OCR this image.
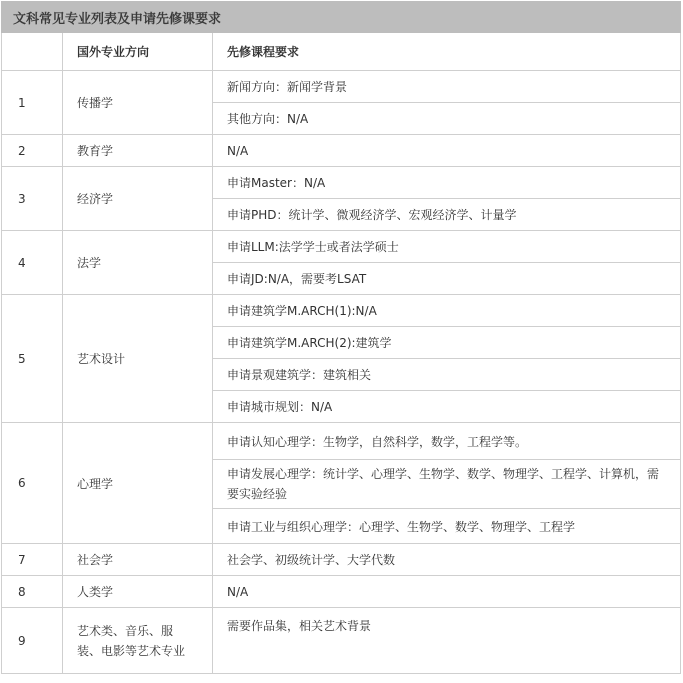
文科常见专业列表及申请先修课要求		
	国外专业方向	先修课程要求
1	传播学	新闻方向：新闻学背景
		其他方向：N/A
2	教育学	N/A
3	经济学	申请Master：N/A
		申请PHD：统计学、微观经济学、宏观经济学、计量学
4	法学	申请LLM:法学学士或者法学硕士
		申请JD:N/A，需要考LSAT
5	艺术设计	申请建筑学M.ARCH(1):N/A
		申请建筑学M.ARCH(2):建筑学
		申请景观建筑学：建筑相关
		申请城市规划：N/A
6	心理学	申请认知心理学：生物学，自然科学，数学，工程学等。
		申请发展心理学：统计学、心理学、生物学、数学、物理学、工程学、计算机，需要实验经验
		申请工业与组织心理学：心理学、生物学、数学、物理学、工程学
7	社会学	社会学、初级统计学、大学代数
8	人类学	N/A
9	艺术类、音乐、服装、电影等艺术专业	需要作品集，相关艺术背景
